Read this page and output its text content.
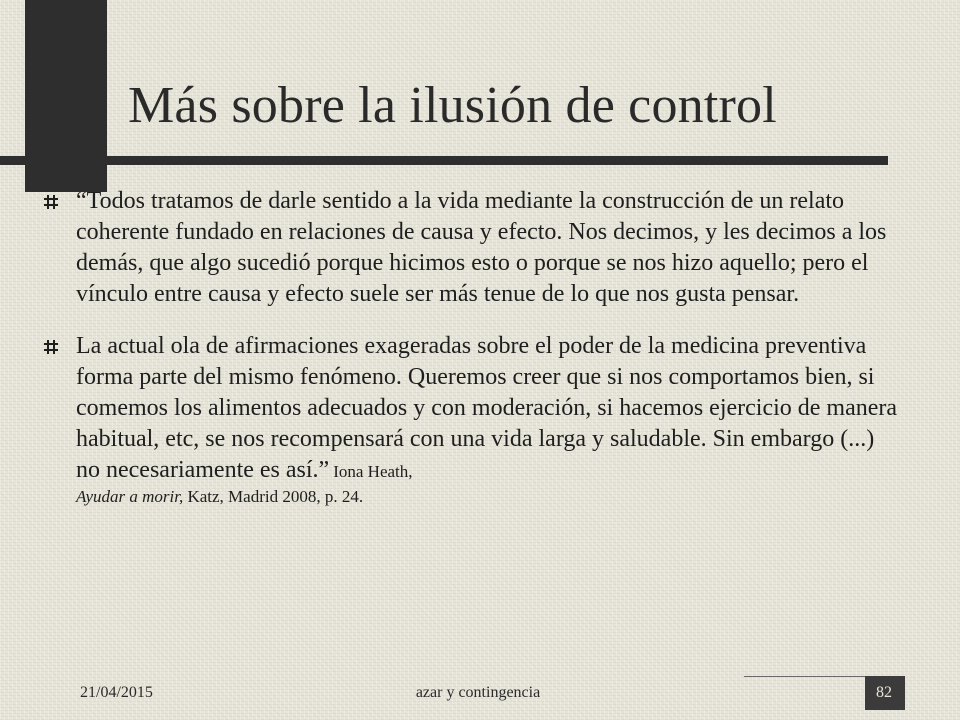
Más sobre la ilusión de control
“Todos tratamos de darle sentido a la vida mediante la construcción de un relato coherente fundado en relaciones de causa y efecto. Nos decimos, y les decimos a los demás, que algo sucedió porque hicimos esto o porque se nos hizo aquello; pero el vínculo entre causa y efecto suele ser más tenue de lo que nos gusta pensar.
La actual ola de afirmaciones exageradas sobre el poder de la medicina preventiva forma parte del mismo fenómeno. Queremos creer que si nos comportamos bien, si comemos los alimentos adecuados y con moderación, si hacemos ejercicio de manera habitual, etc, se nos recompensará con una vida larga y saludable. Sin embargo (...) no necesariamente es así.” Iona Heath,
Ayudar a morir, Katz, Madrid 2008, p. 24.
21/04/2015	azar y contingencia	82
